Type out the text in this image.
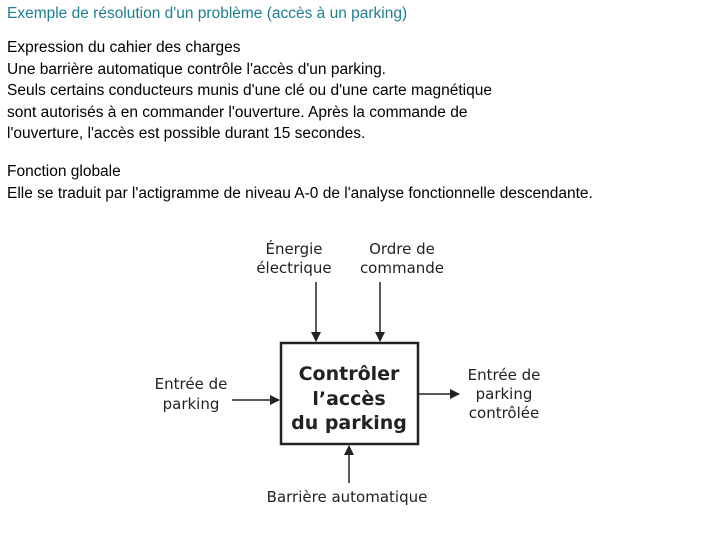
Exemple de résolution d'un problème (accès à un parking)
Expression du cahier des charges
Une barrière automatique contrôle l'accès d'un parking.
Seuls certains conducteurs munis d'une clé ou d'une carte magnétique
sont autorisés à en commander l'ouverture. Après la commande de
l'ouverture, l'accès est possible durant 15 secondes.
Fonction globale
Elle se traduit par l'actigramme de niveau A-0 de l'analyse fonctionnelle descendante.
Contrôler
l’accès
du parking
Énergie
électrique
Ordre de
commande
Entrée de
parking
Entrée de
parking
contrôlée
Barrière automatique
